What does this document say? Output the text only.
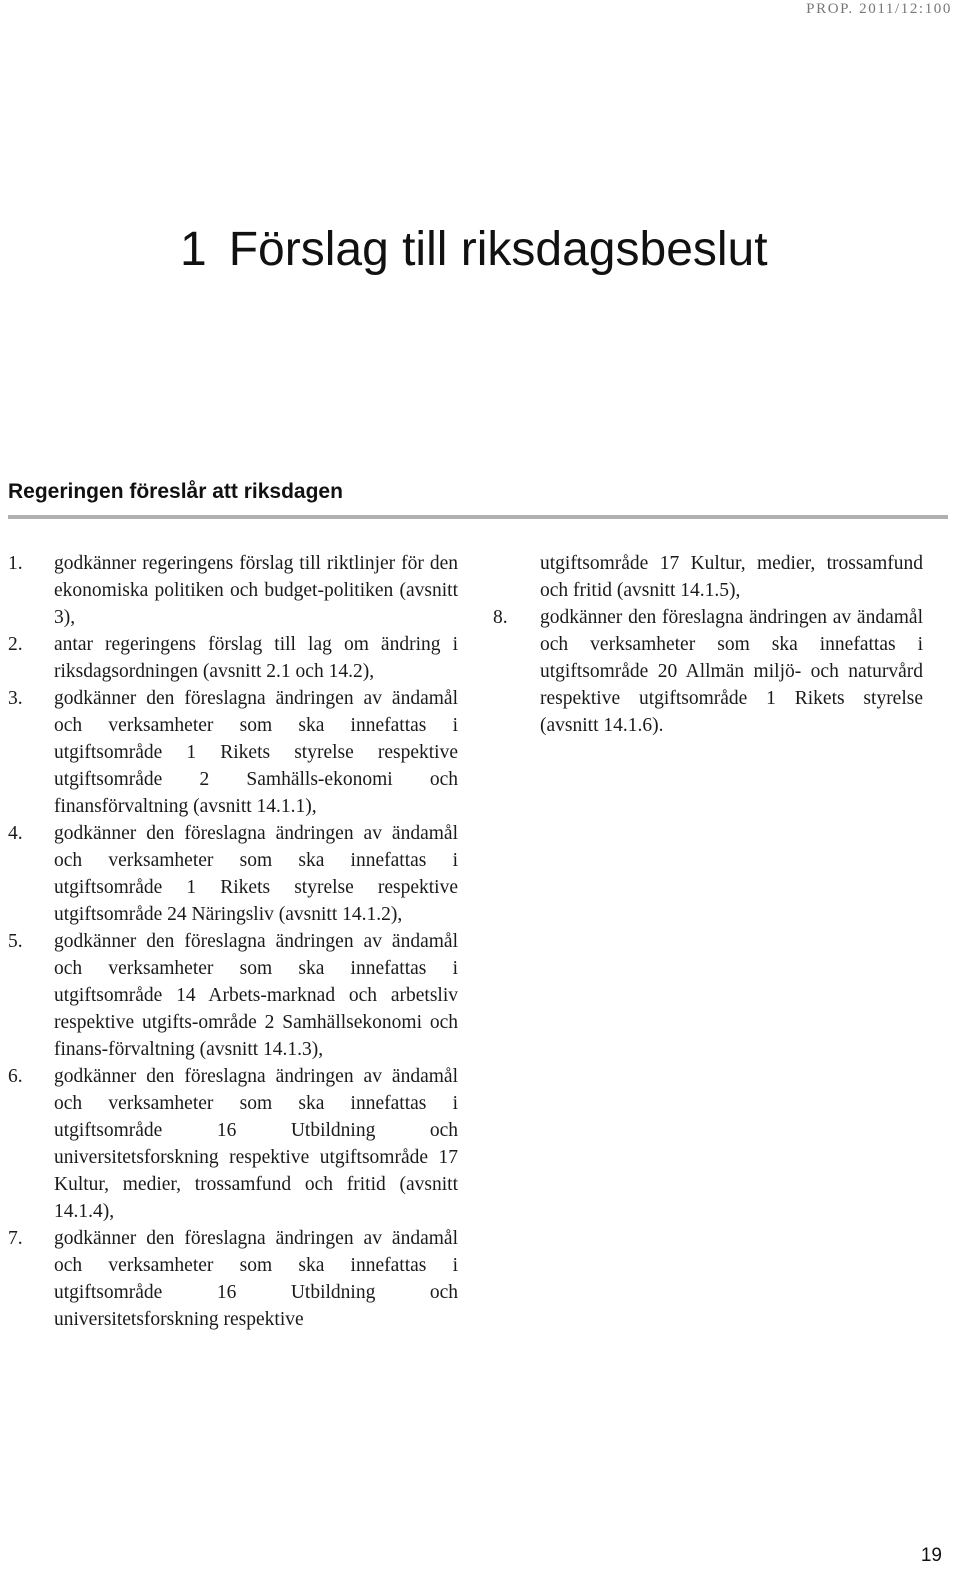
PROP. 2011/12:100
1 Förslag till riksdagsbeslut
Regeringen föreslår att riksdagen
1.	godkänner regeringens förslag till riktlinjer för den ekonomiska politiken och budget-politiken (avsnitt 3),
2.	antar regeringens förslag till lag om ändring i riksdagsordningen (avsnitt 2.1 och 14.2),
3.	godkänner den föreslagna ändringen av ändamål och verksamheter som ska innefattas i utgiftsområde 1 Rikets styrelse respektive utgiftsområde 2 Samhälls-ekonomi och finansförvaltning (avsnitt 14.1.1),
4.	godkänner den föreslagna ändringen av ändamål och verksamheter som ska innefattas i utgiftsområde 1 Rikets styrelse respektive utgiftsområde 24 Näringsliv (avsnitt 14.1.2),
5.	godkänner den föreslagna ändringen av ändamål och verksamheter som ska innefattas i utgiftsområde 14 Arbets-marknad och arbetsliv respektive utgifts-område 2 Samhällsekonomi och finans-förvaltning (avsnitt 14.1.3),
6.	godkänner den föreslagna ändringen av ändamål och verksamheter som ska innefattas i utgiftsområde 16 Utbildning och universitetsforskning respektive utgiftsområde 17 Kultur, medier, trossamfund och fritid (avsnitt 14.1.4),
7.	godkänner den föreslagna ändringen av ändamål och verksamheter som ska innefattas i utgiftsområde 16 Utbildning och universitetsforskning respektive
utgiftsområde 17 Kultur, medier, trossamfund och fritid (avsnitt 14.1.5),
8.	godkänner den föreslagna ändringen av ändamål och verksamheter som ska innefattas i utgiftsområde 20 Allmän miljö- och naturvård respektive utgiftsområde 1 Rikets styrelse (avsnitt 14.1.6).
19
